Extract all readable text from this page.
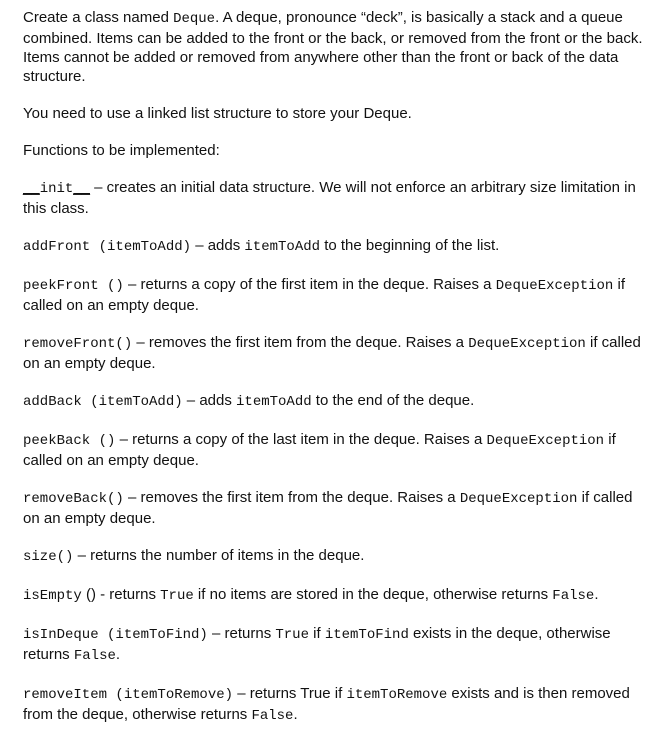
Create a class named Deque. A deque, pronounce “deck”, is basically a stack and a queue combined. Items can be added to the front or the back, or removed from the front or the back. Items cannot be added or removed from anywhere other than the front or back of the data structure.

You need to use a linked list structure to store your Deque.

Functions to be implemented:

__init__ – creates an initial data structure. We will not enforce an arbitrary size limitation in this class.

addFront (itemToAdd) – adds itemToAdd to the beginning of the list.

peekFront () – returns a copy of the first item in the deque. Raises a DequeException if called on an empty deque.

removeFront() – removes the first item from the deque. Raises a DequeException if called on an empty deque.

addBack (itemToAdd) – adds itemToAdd to the end of the deque.

peekBack () – returns a copy of the last item in the deque. Raises a DequeException if called on an empty deque.

removeBack() – removes the first item from the deque. Raises a DequeException if called on an empty deque.

size() – returns the number of items in the deque.

isEmpty () - returns True if no items are stored in the deque, otherwise returns False.

isInDeque (itemToFind) – returns True if itemToFind exists in the deque, otherwise returns False.

removeItem (itemToRemove) – returns True if itemToRemove exists and is then removed from the deque, otherwise returns False.
